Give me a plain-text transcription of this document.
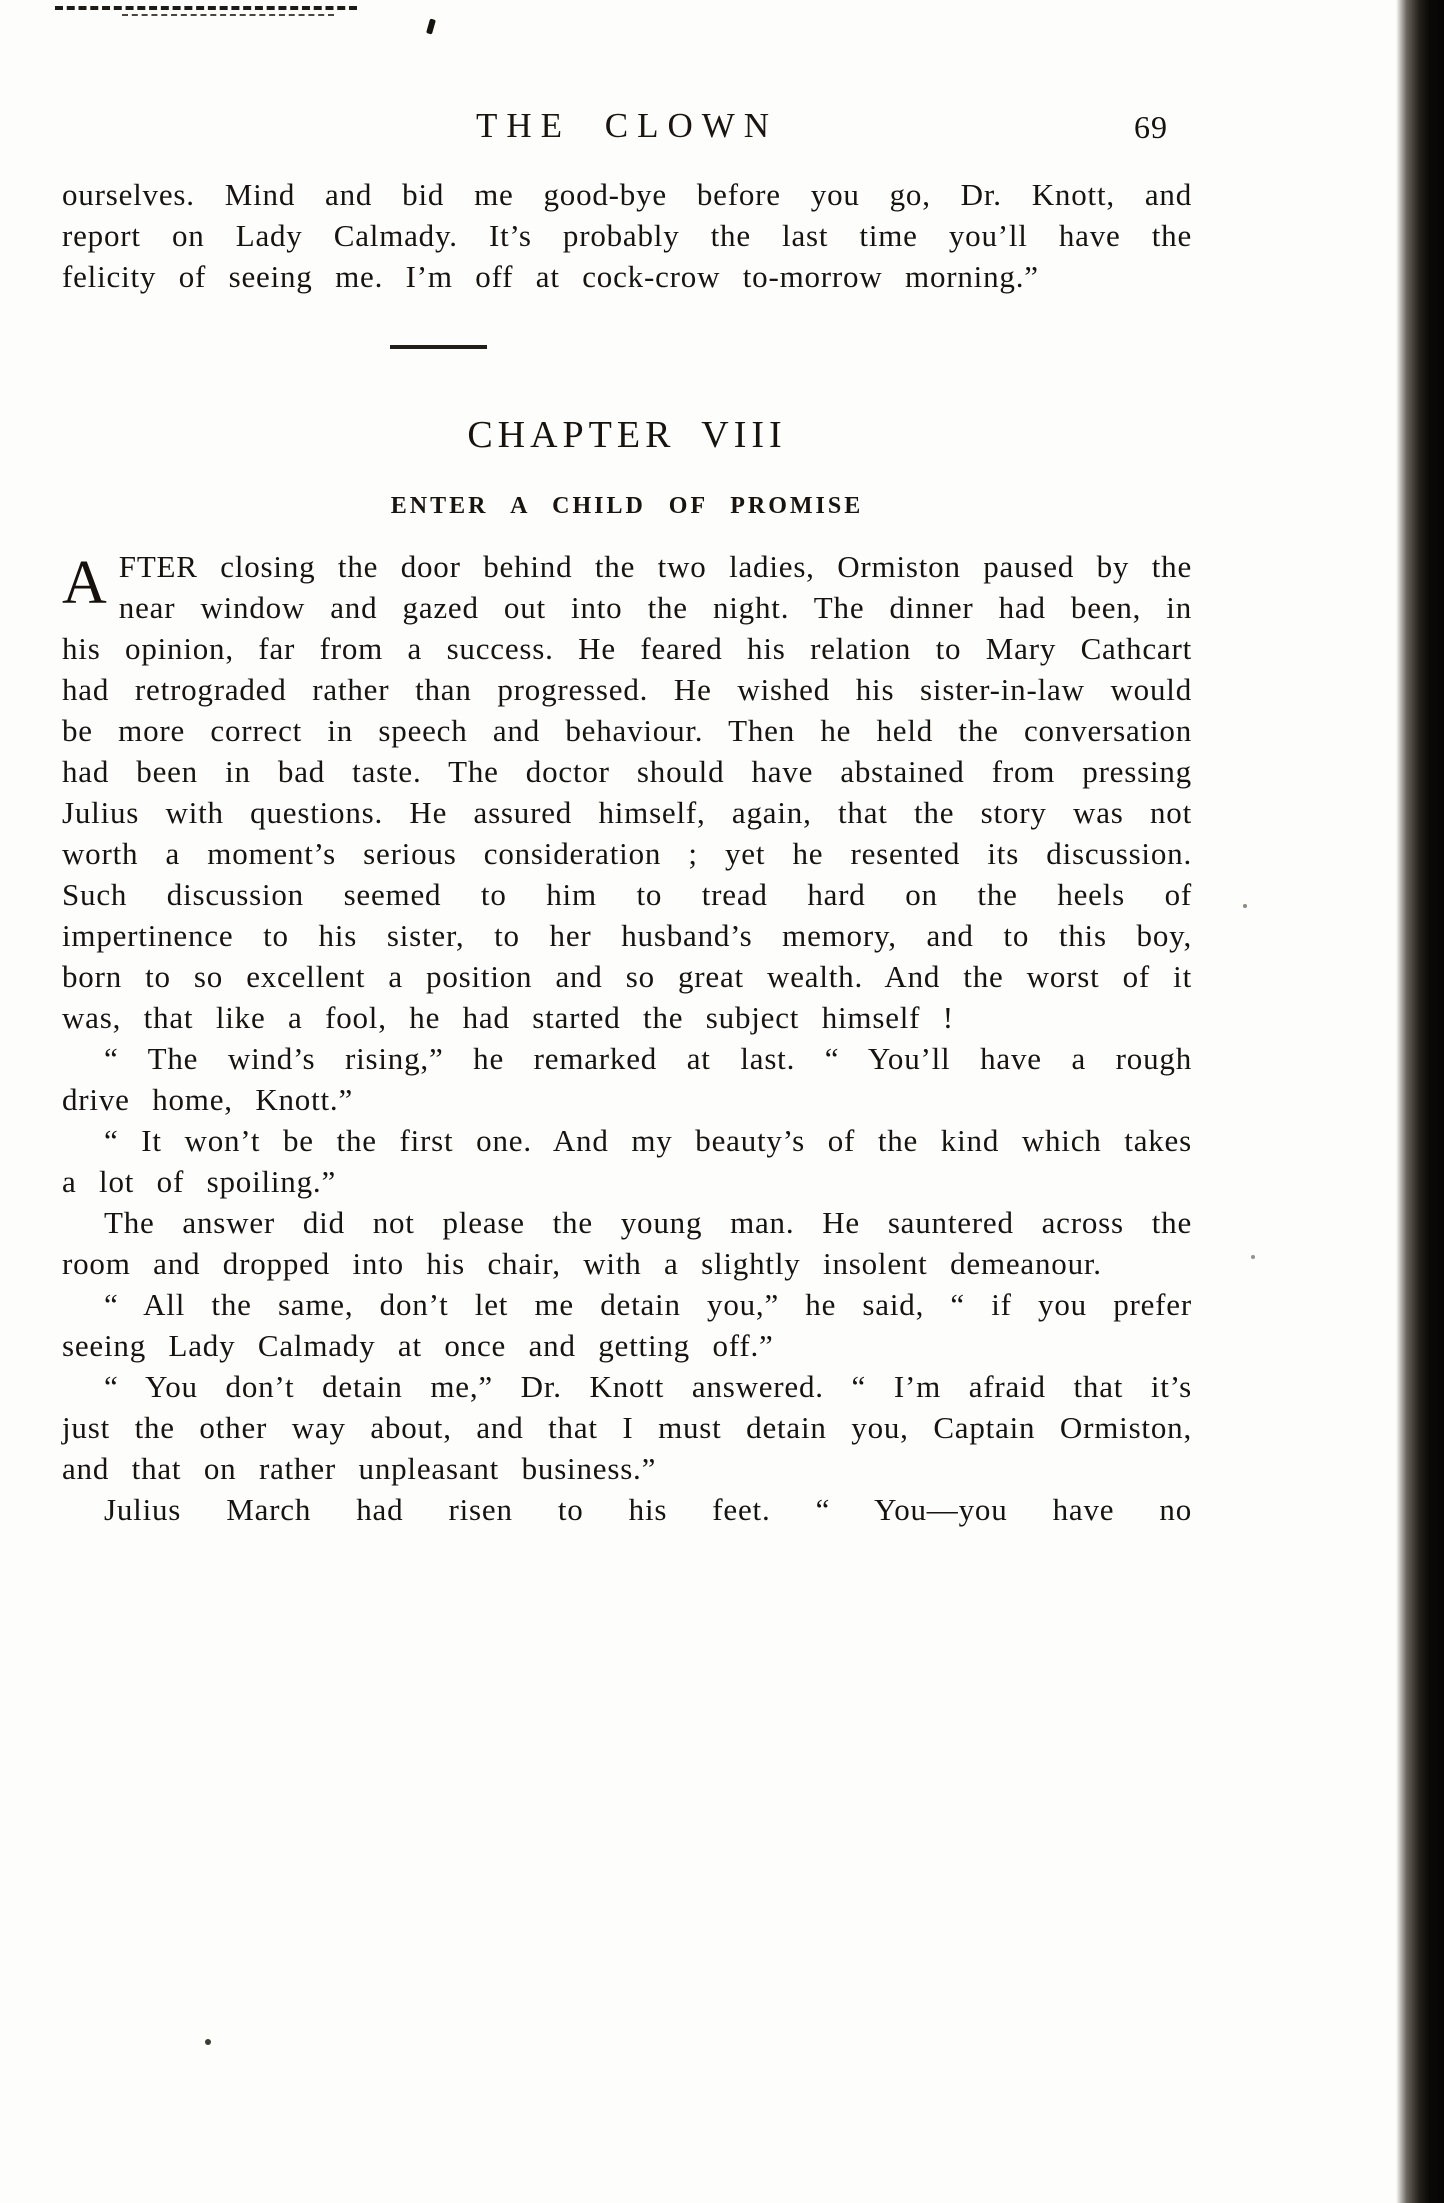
THE CLOWN	69

ourselves. Mind and bid me good-bye before you go, Dr. Knott, and report on Lady Calmady. It’s probably the last time you’ll have the felicity of seeing me. I’m off at cock-crow to-morrow morning.”

CHAPTER VIII
ENTER A CHILD OF PROMISE

AFTER closing the door behind the two ladies, Ormiston paused by the near window and gazed out into the night. The dinner had been, in his opinion, far from a success. He feared his relation to Mary Cathcart had retrograded rather than progressed. He wished his sister-in-law would be more correct in speech and behaviour. Then he held the conversation had been in bad taste. The doctor should have abstained from pressing Julius with questions. He assured himself, again, that the story was not worth a moment’s serious consideration ; yet he resented its discussion. Such discussion seemed to him to tread hard on the heels of impertinence to his sister, to her husband’s memory, and to this boy, born to so excellent a position and so great wealth. And the worst of it was, that like a fool, he had started the subject himself !

“ The wind’s rising,” he remarked at last. “ You’ll have a rough drive home, Knott.”

“ It won’t be the first one. And my beauty’s of the kind which takes a lot of spoiling.”

The answer did not please the young man. He sauntered across the room and dropped into his chair, with a slightly insolent demeanour.

“ All the same, don’t let me detain you,” he said, “ if you prefer seeing Lady Calmady at once and getting off.”

“ You don’t detain me,” Dr. Knott answered. “ I’m afraid that it’s just the other way about, and that I must detain you, Captain Ormiston, and that on rather unpleasant business.”

Julius March had risen to his feet. “ You—you have no
